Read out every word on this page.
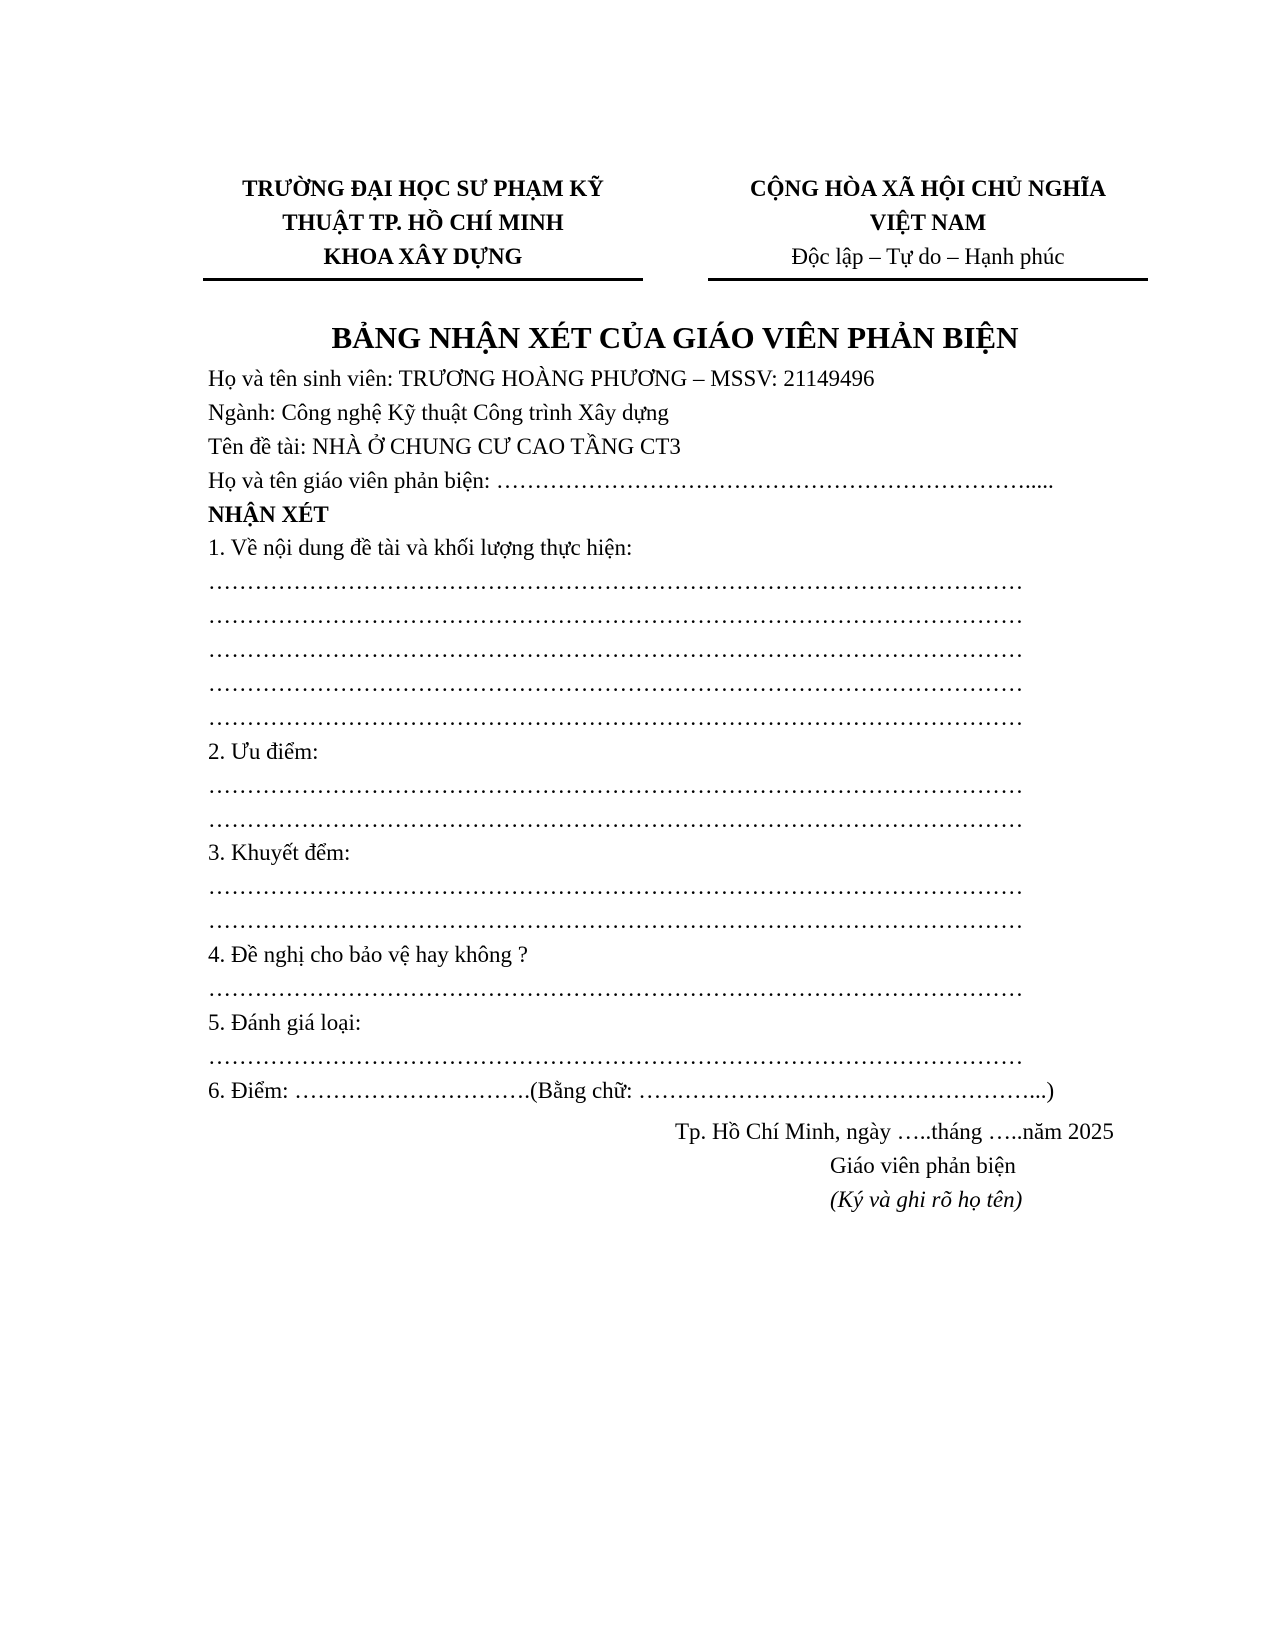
TRƯỜNG ĐẠI HỌC SƯ PHẠM KỸ
THUẬT TP. HỒ CHÍ MINH
KHOA XÂY DỰNG
CỘNG HÒA XÃ HỘI CHỦ NGHĨA
VIỆT NAM
Độc lập – Tự do – Hạnh phúc
BẢNG NHẬN XÉT CỦA GIÁO VIÊN PHẢN BIỆN
Họ và tên sinh viên: TRƯƠNG HOÀNG PHƯƠNG – MSSV: 21149496
Ngành: Công nghệ Kỹ thuật Công trình Xây dựng
Tên đề tài: NHÀ Ở CHUNG CƯ CAO TẦNG CT3
Họ và tên giáo viên phản biện: …………………………………………………………….....
NHẬN XÉT
1. Về nội dung đề tài và khối lượng thực hiện:
……………………………………………………………………………………………
……………………………………………………………………………………………
……………………………………………………………………………………………
……………………………………………………………………………………………
……………………………………………………………………………………………
2. Ưu điểm:
……………………………………………………………………………………………
……………………………………………………………………………………………
3. Khuyết đểm:
……………………………………………………………………………………………
……………………………………………………………………………………………
4. Đề nghị cho bảo vệ hay không ?
……………………………………………………………………………………………
5. Đánh giá loại:
……………………………………………………………………………………………
6. Điểm: ………………………….(Bằng chữ: ……………………………………………...)
Tp. Hồ Chí Minh, ngày …..tháng …..năm 2025
Giáo viên phản biện
(Ký và ghi rõ họ tên)
